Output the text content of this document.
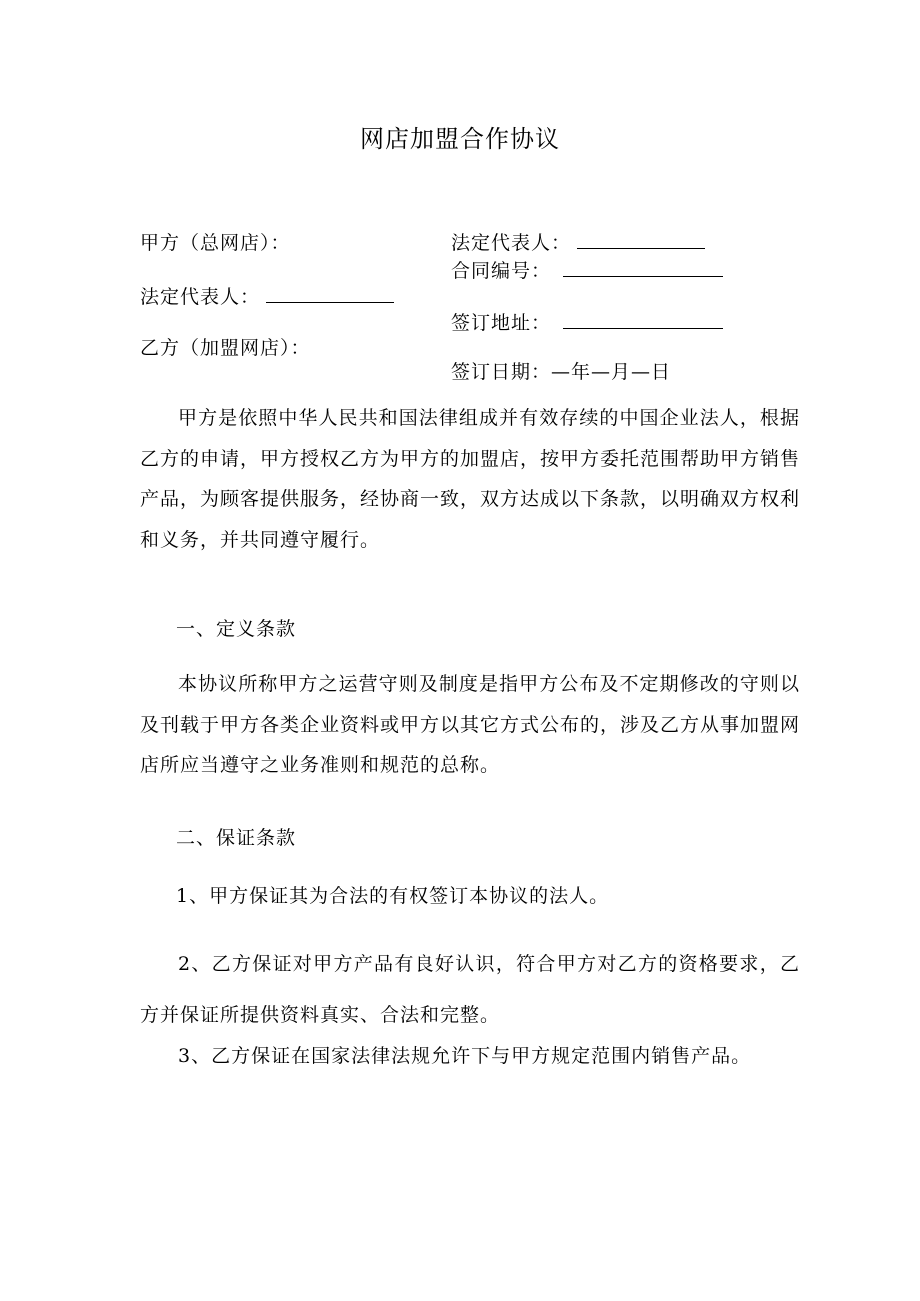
网店加盟合作协议
甲方（总网店）：
法定代表人：
乙方（加盟网店）：
法定代表人：
合同编号：
签订地址：
签订日期：—年—月—日
甲方是依照中华人民共和国法律组成并有效存续的中国企业法人，根据乙方的申请，甲方授权乙方为甲方的加盟店，按甲方委托范围帮助甲方销售产品，为顾客提供服务，经协商一致，双方达成以下条款，以明确双方权利和义务，并共同遵守履行。
一、定义条款
本协议所称甲方之运营守则及制度是指甲方公布及不定期修改的守则以及刊载于甲方各类企业资料或甲方以其它方式公布的，涉及乙方从事加盟网店所应当遵守之业务准则和规范的总称。
二、保证条款
1、甲方保证其为合法的有权签订本协议的法人。
2、乙方保证对甲方产品有良好认识，符合甲方对乙方的资格要求，乙方并保证所提供资料真实、合法和完整。
3、乙方保证在国家法律法规允许下与甲方规定范围内销售产品。
